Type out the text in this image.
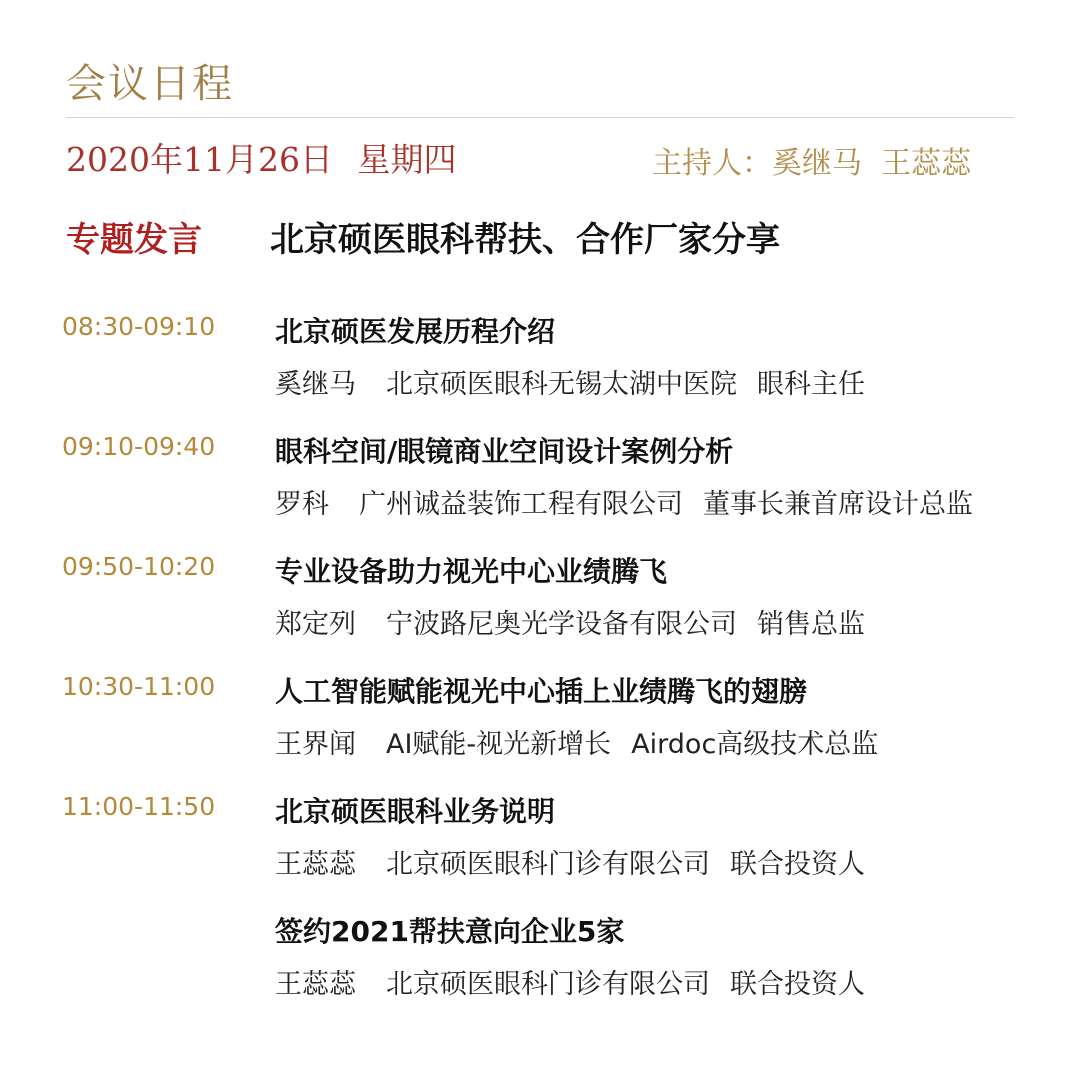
会议日程
2020年11月26日 星期四	主持人：奚继马  王蕊蕊
专题发言 北京硕医眼科帮扶、合作厂家分享
08:30-09:10 北京硕医发展历程介绍
奚继马 北京硕医眼科无锡太湖中医院 眼科主任
09:10-09:40 眼科空间/眼镜商业空间设计案例分析
罗科 广州诚益装饰工程有限公司 董事长兼首席设计总监
09:50-10:20 专业设备助力视光中心业绩腾飞
郑定列 宁波路尼奥光学设备有限公司 销售总监
10:30-11:00 人工智能赋能视光中心插上业绩腾飞的翅膀
王界闻 AI赋能-视光新增长 Airdoc高级技术总监
11:00-11:50 北京硕医眼科业务说明
王蕊蕊 北京硕医眼科门诊有限公司 联合投资人
签约2021帮扶意向企业5家
王蕊蕊 北京硕医眼科门诊有限公司 联合投资人
